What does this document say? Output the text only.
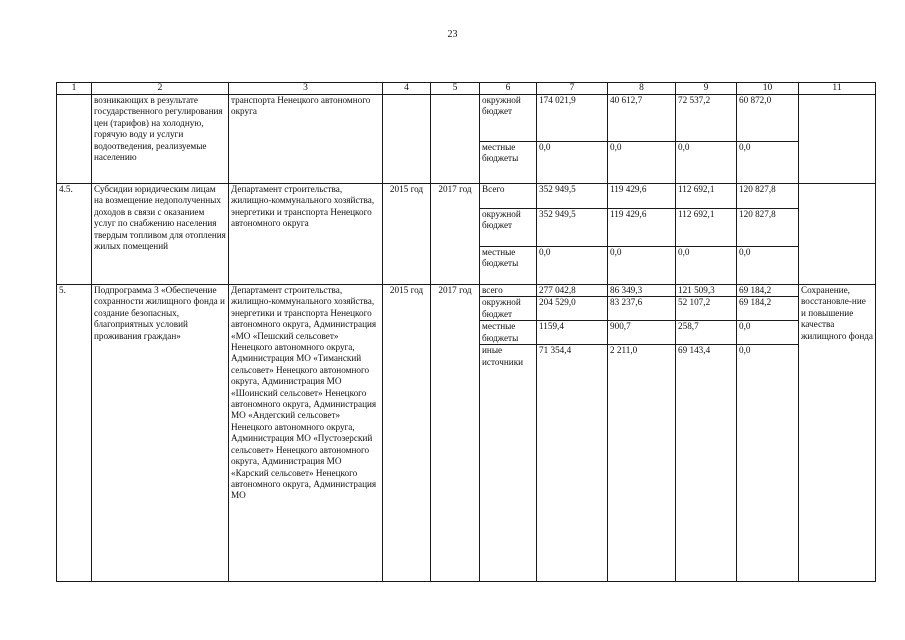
23
1	2	3	4	5	6	7	8	9	10	11
	возникающих в результате государственного регулирования цен (тарифов) на холодную, горячую воду и услуги водоотведения, реализуемые населению	транспорта Ненецкого автономного округа			окружной бюджет	174 021,9	40 612,7	72 537,2	60 872,0	
					местные бюджеты	0,0	0,0	0,0	0,0	
4.5.	Субсидии юридическим лицам на возмещение недополученных доходов в связи с оказанием услуг по снабжению населения твердым топливом для отопления жилых помещений	Департамент строительства, жилищно-коммунального хозяйства, энергетики и транспорта Ненецкого автономного округа	2015 год	2017 год	Всего	352 949,5	119 429,6	112 692,1	120 827,8	
					окружной бюджет	352 949,5	119 429,6	112 692,1	120 827,8	
					местные бюджеты	0,0	0,0	0,0	0,0	
5.	Подпрограмма 3 «Обеспечение сохранности жилищного фонда и создание безопасных, благоприятных условий проживания граждан»	Департамент строительства, жилищно-коммунального хозяйства, энергетики и транспорта Ненецкого автономного округа, Администрация «МО «Пешский сельсовет» Ненецкого автономного округа, Администрация МО «Тиманский сельсовет» Ненецкого автономного округа, Администрация МО «Шоинский сельсовет» Ненецкого автономного округа, Администрация МО «Андегский сельсовет» Ненецкого автономного округа, Администрация МО «Пустозерский сельсовет» Ненецкого автономного округа, Администрация МО «Карский сельсовет» Ненецкого автономного округа, Администрация МО	2015 год	2017 год	всего	277 042,8	86 349,3	121 509,3	69 184,2	Сохранение, восстановле-ние и повышение качества жилищного фонда
					окружной бюджет	204 529,0	83 237,6	52 107,2	69 184,2	
					местные бюджеты	1159,4	900,7	258,7	0,0	
					иные источники	71 354,4	2 211,0	69 143,4	0,0	
